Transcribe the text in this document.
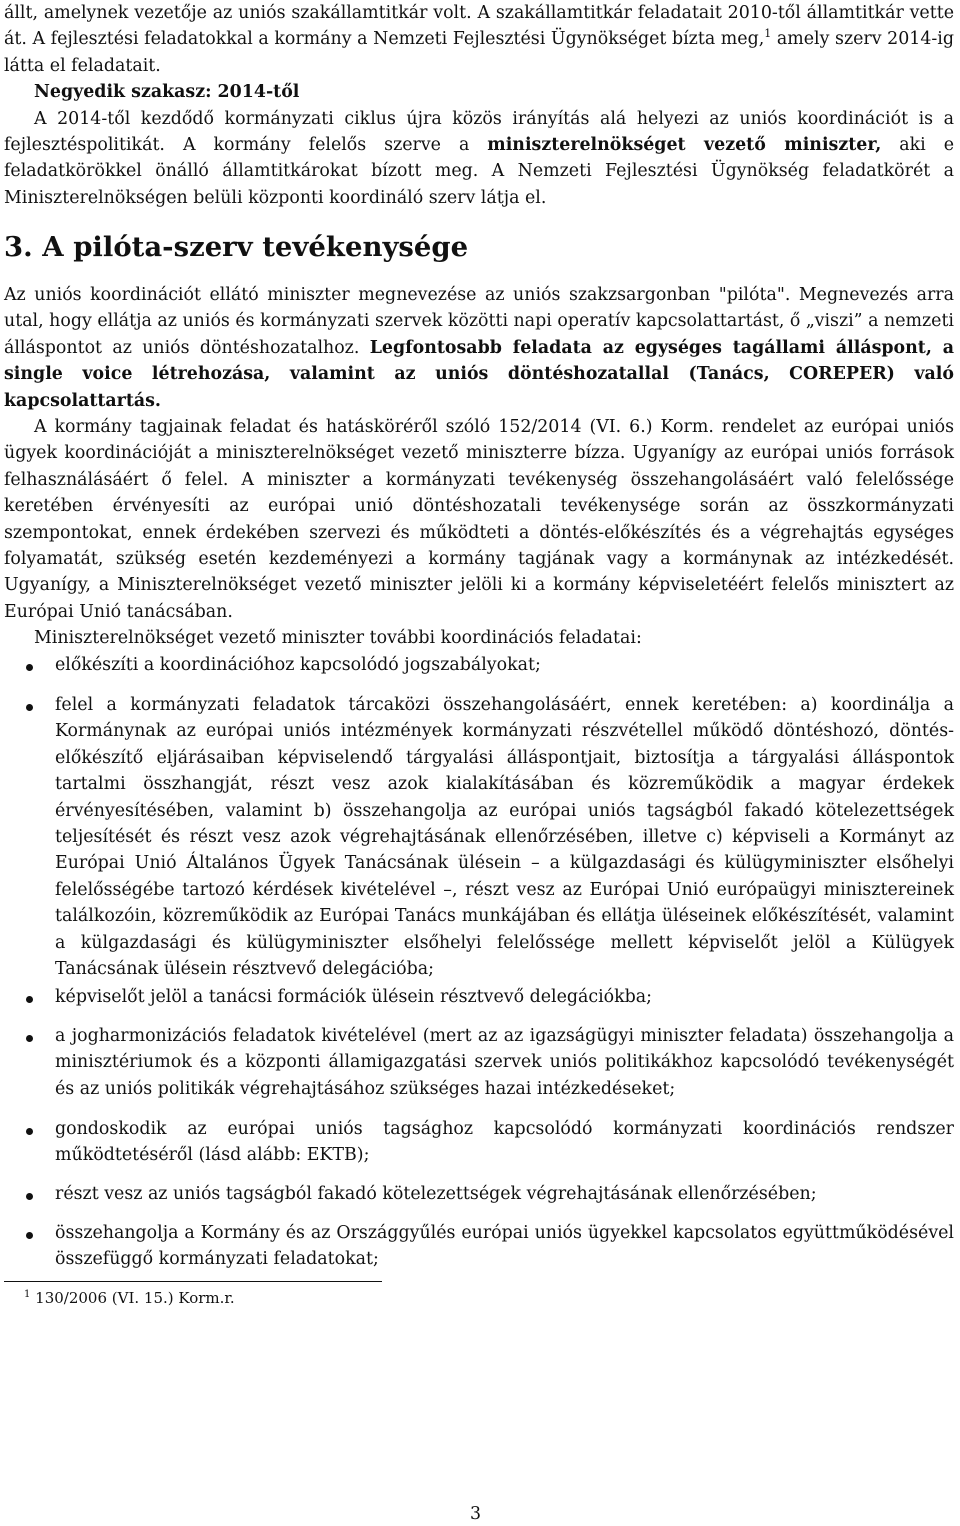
állt, amelynek vezetője az uniós szakállamtitkár volt. A szakállamtitkár feladatait 2010-től államtitkár vette át. A fejlesztési feladatokkal a kormány a Nemzeti Fejlesztési Ügynökséget bízta meg,$^1$ amely szerv 2014-ig látta el feladatait.

Negyedik szakasz: 2014-től

A 2014-től kezdődő kormányzati ciklus újra közös irányítás alá helyezi az uniós koordinációt is a fejlesztéspolitikát. A kormány felelős szerve a miniszterelnökséget vezető miniszter, aki e feladatkörökkel önálló államtitkárokat bízott meg. A Nemzeti Fejlesztési Ügynökség feladatkörét a Miniszterelnökségen belüli központi koordináló szerv látja el.

3. A pilóta-szerv tevékenysége

Az uniós koordinációt ellátó miniszter megnevezése az uniós szakzsargonban "pilóta". Megnevezés arra utal, hogy ellátja az uniós és kormányzati szervek közötti napi operatív kapcsolattartást, ő „viszi” a nemzeti álláspontot az uniós döntéshozatalhoz. Legfontosabb feladata az egységes tagállami álláspont, a single voice létrehozása, valamint az uniós döntéshozatallal (Tanács, COREPER) való kapcsolattartás.

A kormány tagjainak feladat és hatásköréről szóló 152/2014 (VI. 6.) Korm. rendelet az európai uniós ügyek koordinációját a miniszterelnökséget vezető miniszterre bízza. Ugyanígy az európai uniós források felhasználásáért ő felel. A miniszter a kormányzati tevékenység összehangolásáért való felelőssége keretében érvényesíti az európai unió döntéshozatali tevékenysége során az összkormányzati szempontokat, ennek érdekében szervezi és működteti a döntés-előkészítés és a végrehajtás egységes folyamatát, szükség esetén kezdeményezi a kormány tagjának vagy a kormánynak az intézkedését. Ugyanígy, a Miniszterelnökséget vezető miniszter jelöli ki a kormány képviseletéért felelős minisztert az Európai Unió tanácsában.

Miniszterelnökséget vezető miniszter további koordinációs feladatai:

előkészíti a koordinációhoz kapcsolódó jogszabályokat;
felel a kormányzati feladatok tárcaközi összehangolásáért, ennek keretében: a) koordinálja a Kormánynak az európai uniós intézmények kormányzati részvétellel működő döntéshozó, döntés-előkészítő eljárásaiban képviselendő tárgyalási álláspontjait, biztosítja a tárgyalási álláspontok tartalmi összhangját, részt vesz azok kialakításában és közreműködik a magyar érdekek érvényesítésében, valamint b) összehangolja az európai uniós tagságból fakadó kötelezettségek teljesítését és részt vesz azok végrehajtásának ellenőrzésében, illetve c) képviseli a Kormányt az Európai Unió Általános Ügyek Tanácsának ülésein – a külgazdasági és külügyminiszter elsőhelyi felelősségébe tartozó kérdések kivételével –, részt vesz az Európai Unió európaügyi minisztereinek találkozóin, közreműködik az Európai Tanács munkájában és ellátja üléseinek előkészítését, valamint a külgazdasági és külügyminiszter elsőhelyi felelőssége mellett képviselőt jelöl a Külügyek Tanácsának ülésein résztvevő delegációba;
képviselőt jelöl a tanácsi formációk ülésein résztvevő delegációkba;
a jogharmonizációs feladatok kivételével (mert az az igazságügyi miniszter feladata) összehangolja a minisztériumok és a központi államigazgatási szervek uniós politikákhoz kapcsolódó tevékenységét és az uniós politikák végrehajtásához szükséges hazai intézkedéseket;
gondoskodik az európai uniós tagsághoz kapcsolódó kormányzati koordinációs rendszer működtetéséről (lásd alább: EKTB);
részt vesz az uniós tagságból fakadó kötelezettségek végrehajtásának ellenőrzésében;
összehangolja a Kormány és az Országgyűlés európai uniós ügyekkel kapcsolatos együttműködésével összefüggő kormányzati feladatokat;
$^1$ 130/2006 (VI. 15.) Korm.r.
3
